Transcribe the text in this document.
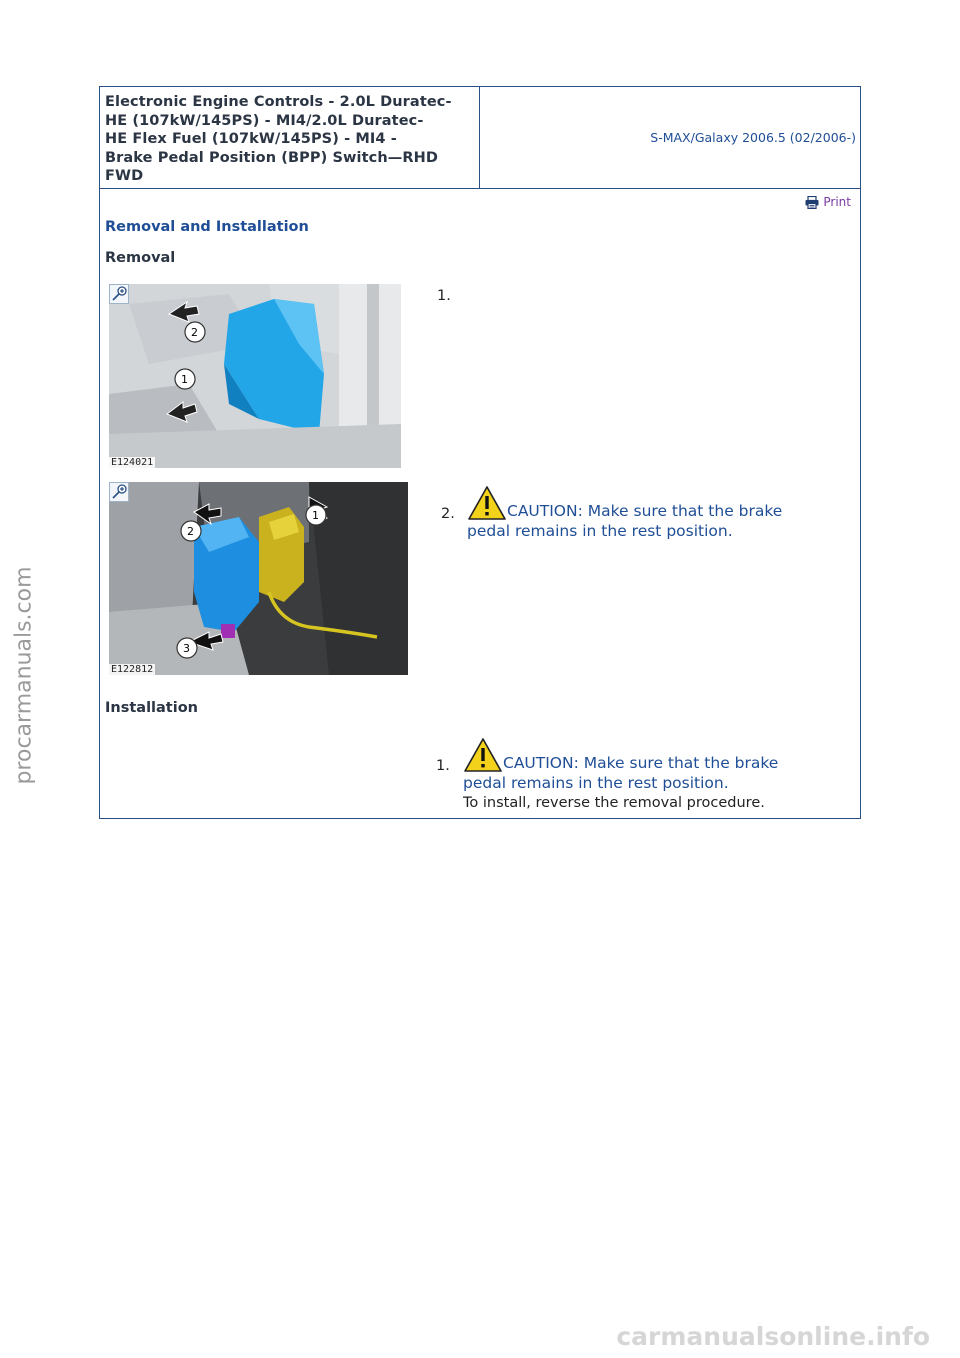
Electronic Engine Controls - 2.0L Duratec-
HE (107kW/145PS) - MI4/2.0L Duratec-
HE Flex Fuel (107kW/145PS) - MI4 -
Brake Pedal Position (BPP) Switch—RHD
FWD
S-MAX/Galaxy 2006.5 (02/2006-)
Print
Removal and Installation
Removal
2
1
E124021
1.
1
2
3
E122812
2.	CAUTION: Make sure that the brake
pedal remains in the rest position.
Installation
1.	CAUTION: Make sure that the brake
pedal remains in the rest position.
To install, reverse the removal procedure.
procarmanuals.com
carmanualsonline.info
